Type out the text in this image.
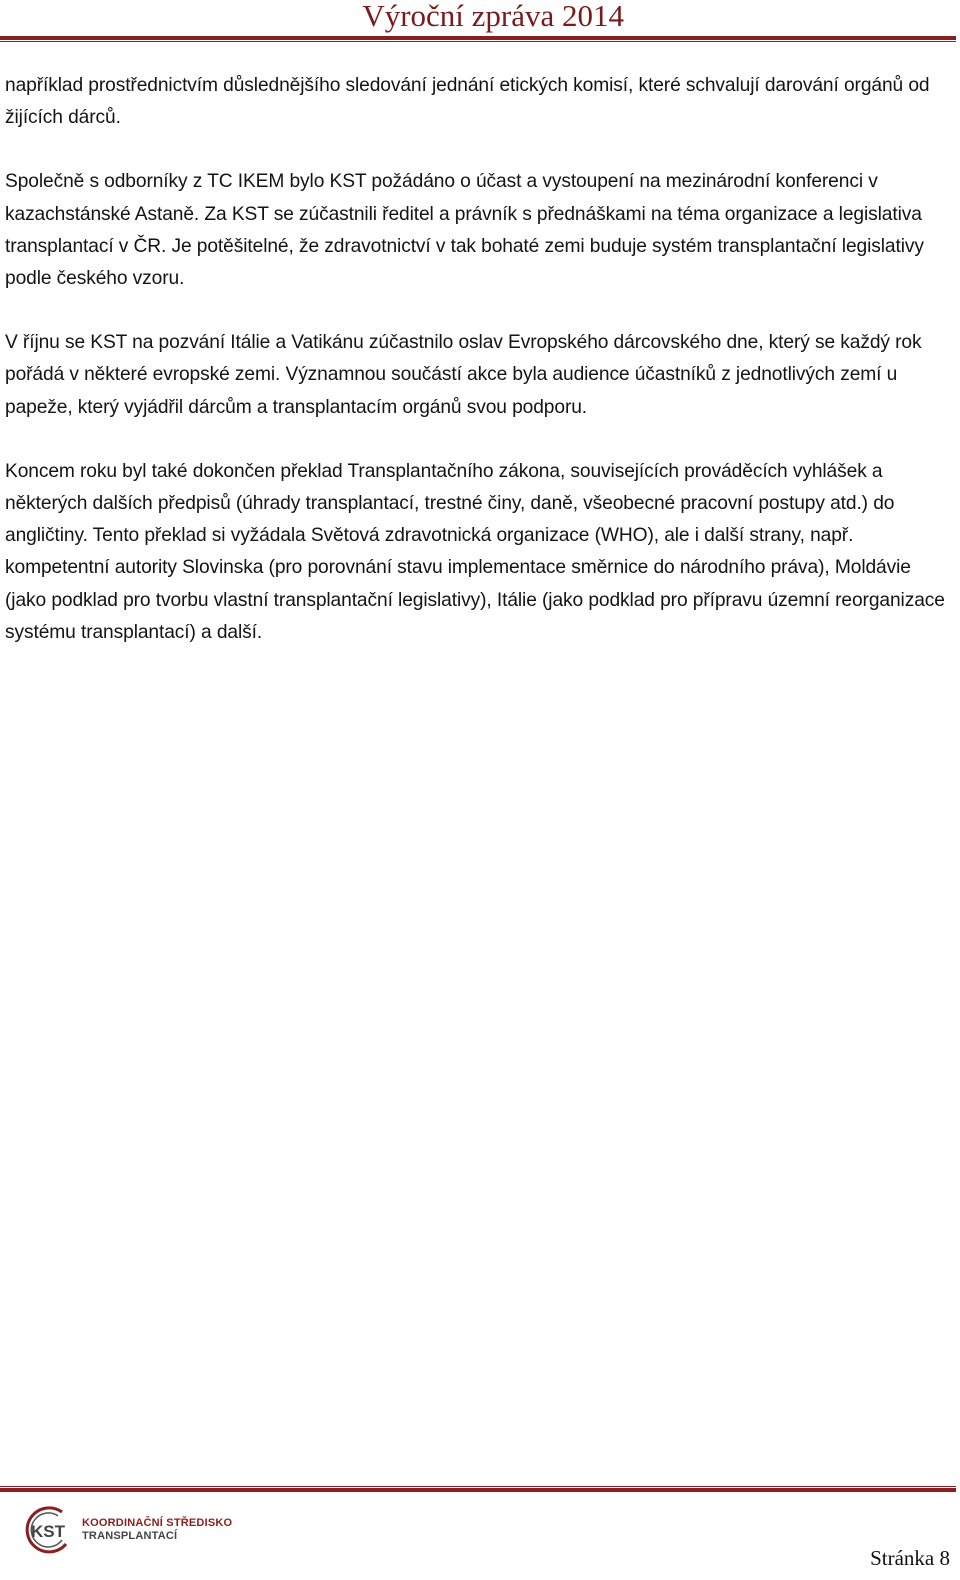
Výroční zpráva 2014

například prostřednictvím důslednějšího sledování jednání etických komisí, které schvalují darování orgánů od žijících dárců.

Společně s odborníky z TC IKEM bylo KST požádáno o účast a vystoupení na mezinárodní konferenci v kazachstánské Astaně. Za KST se zúčastnili ředitel a právník s přednáškami na téma organizace a legislativa transplantací v ČR. Je potěšitelné, že zdravotnictví v tak bohaté zemi buduje systém transplantační legislativy podle českého vzoru.

V říjnu se KST na pozvání Itálie a Vatikánu zúčastnilo oslav Evropského dárcovského dne, který se každý rok pořádá v některé evropské zemi. Významnou součástí akce byla audience účastníků z jednotlivých zemí u papeže, který vyjádřil dárcům a transplantacím orgánů svou podporu.

Koncem roku byl také dokončen překlad Transplantačního zákona, souvisejících prováděcích vyhlášek a některých dalších předpisů (úhrady transplantací, trestné činy, daně, všeobecné pracovní postupy atd.) do angličtiny. Tento překlad si vyžádala Světová zdravotnická organizace (WHO), ale i další strany, např. kompetentní autority Slovinska (pro porovnání stavu implementace směrnice do národního práva), Moldávie (jako podklad pro tvorbu vlastní transplantační legislativy), Itálie (jako podklad pro přípravu územní reorganizace systému transplantací) a další.

KST KOORDINAČNÍ STŘEDISKO
TRANSPLANTACÍ
Stránka 8
